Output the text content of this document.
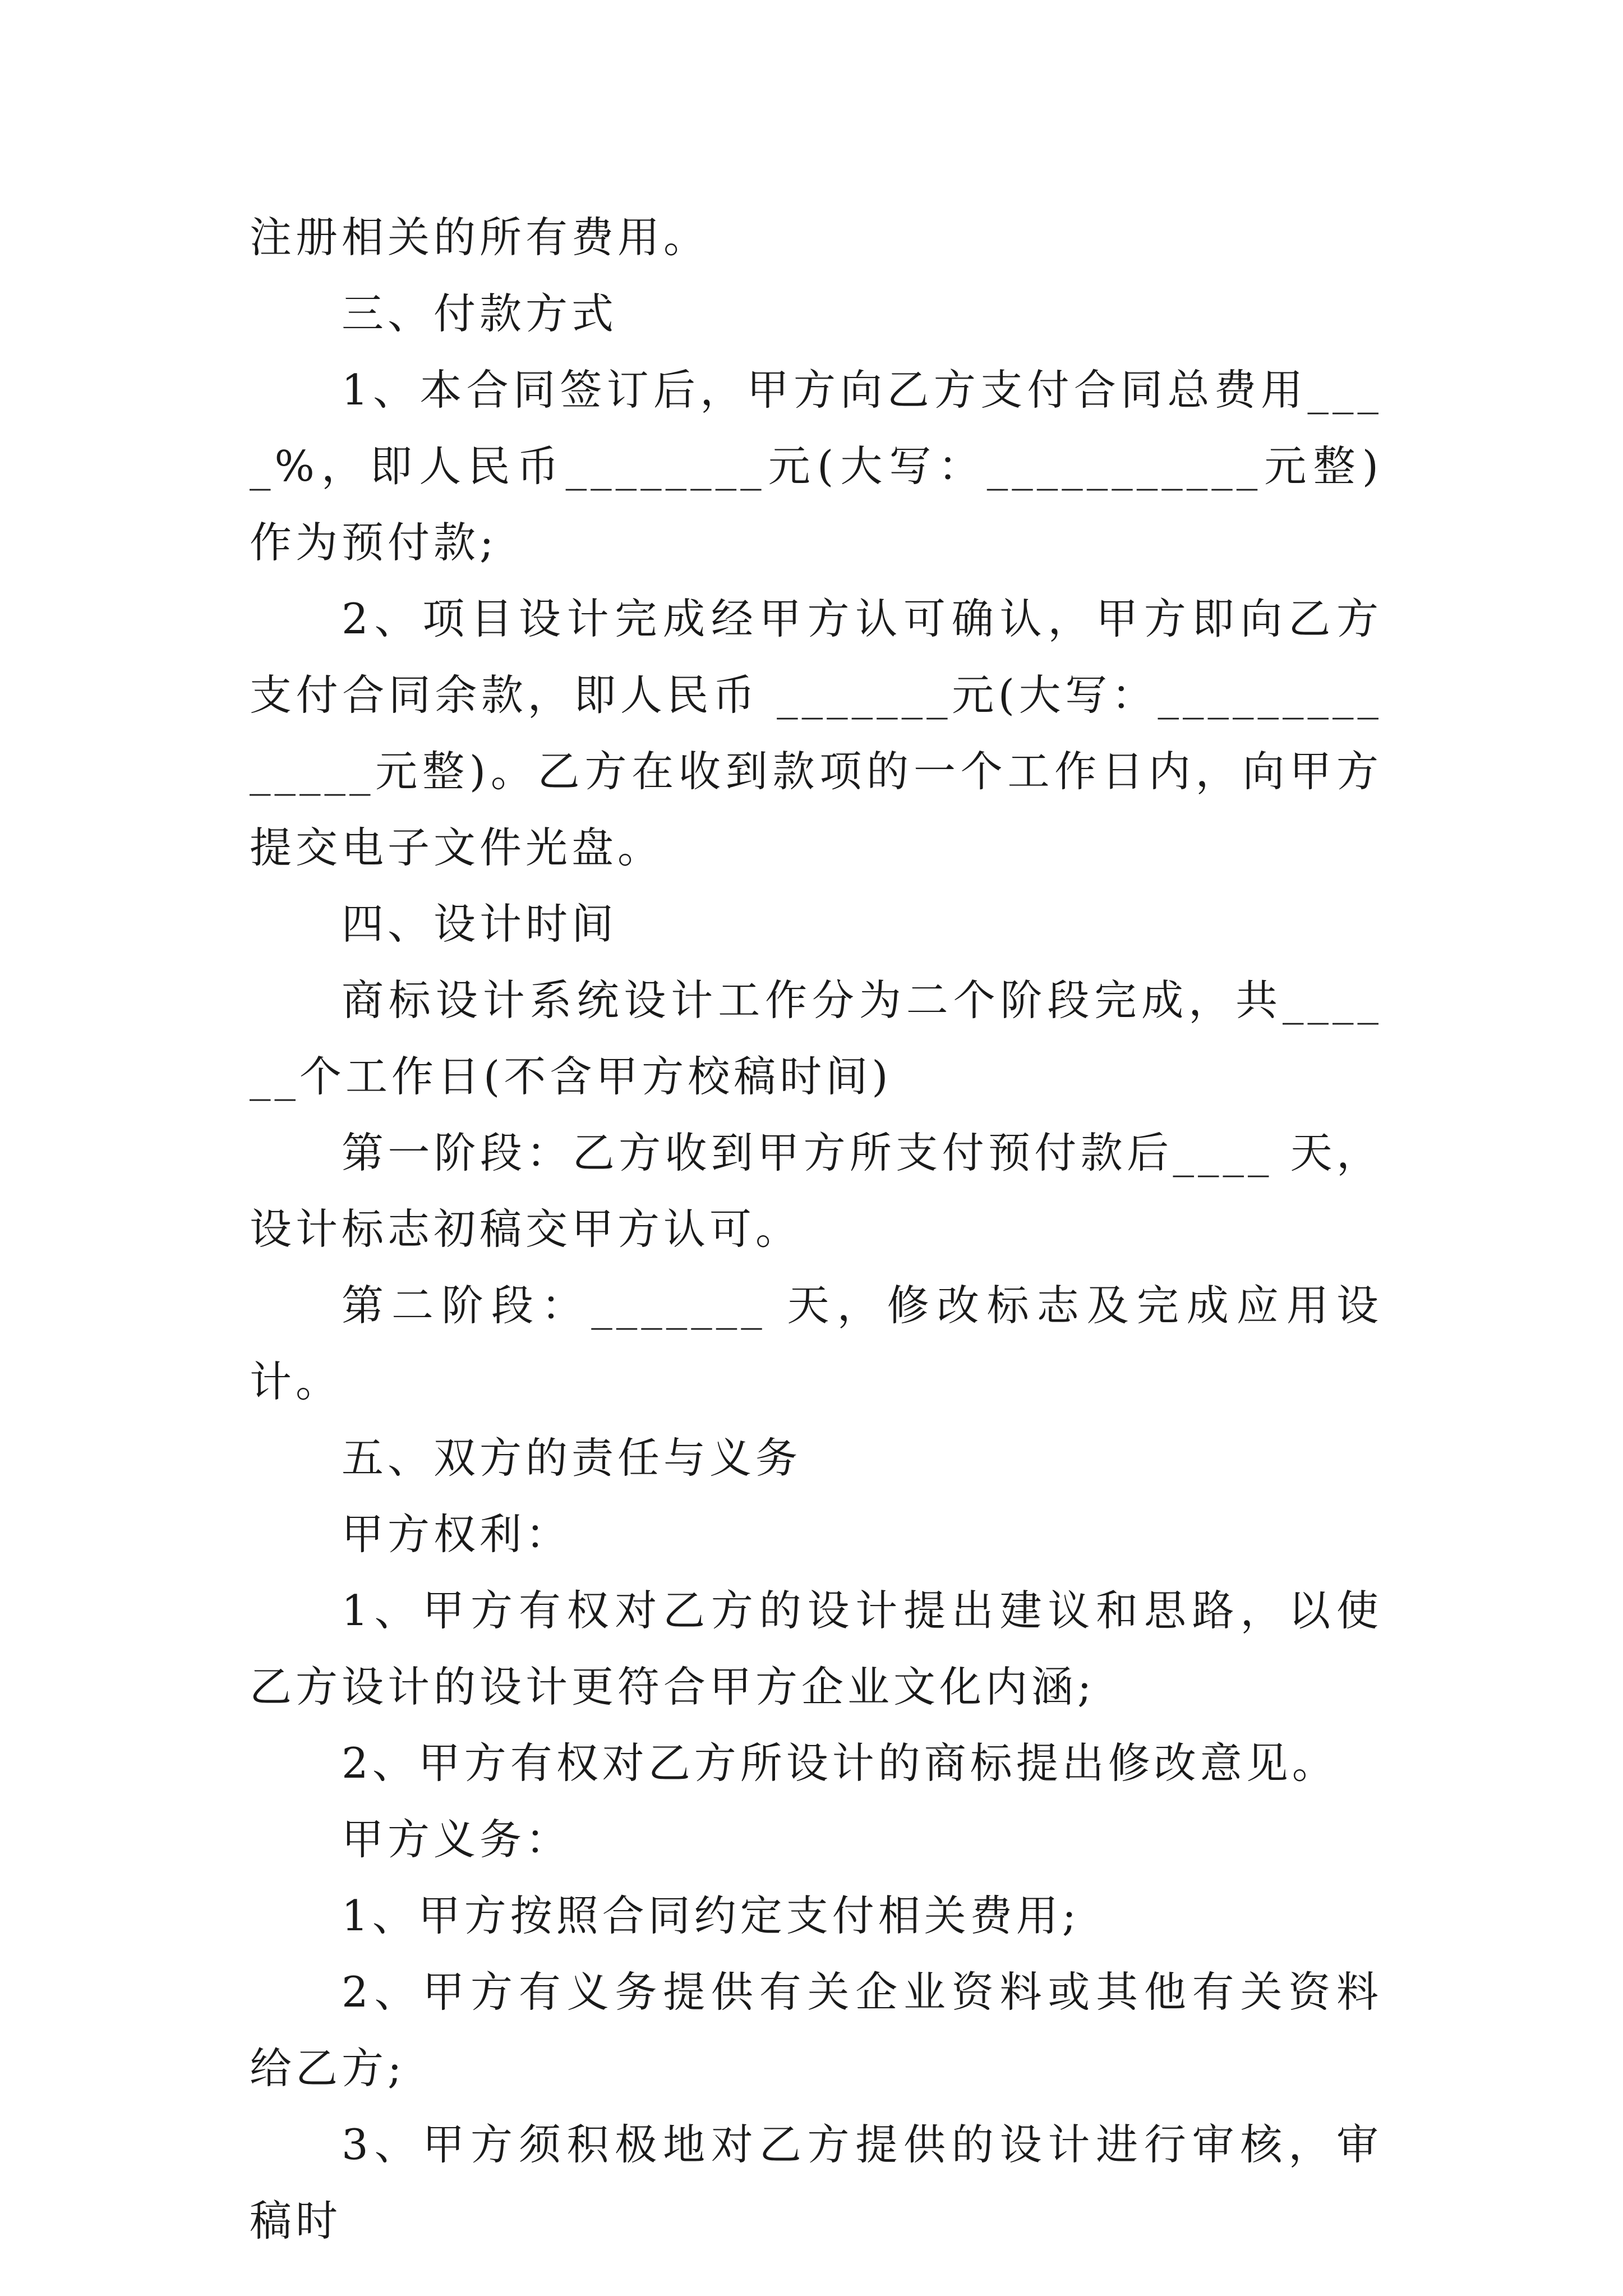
注册相关的所有费用。

三、付款方式

1、本合同签订后，甲方向乙方支付合同总费用____%，即人民币________元(大写：___________元整)作为预付款;

2、项目设计完成经甲方认可确认，甲方即向乙方支付合同余款，即人民币 _______元(大写：______________元整)。乙方在收到款项的一个工作日内，向甲方提交电子文件光盘。

四、设计时间

商标设计系统设计工作分为二个阶段完成，共______个工作日(不含甲方校稿时间)

第一阶段：乙方收到甲方所支付预付款后____ 天，设计标志初稿交甲方认可。

第二阶段：_______ 天，修改标志及完成应用设计。

五、双方的责任与义务

甲方权利：

1、甲方有权对乙方的设计提出建议和思路，以使乙方设计的设计更符合甲方企业文化内涵;

2、甲方有权对乙方所设计的商标提出修改意见。

甲方义务：

1、甲方按照合同约定支付相关费用;

2、甲方有义务提供有关企业资料或其他有关资料给乙方;

3、甲方须积极地对乙方提供的设计进行审核，审稿时
